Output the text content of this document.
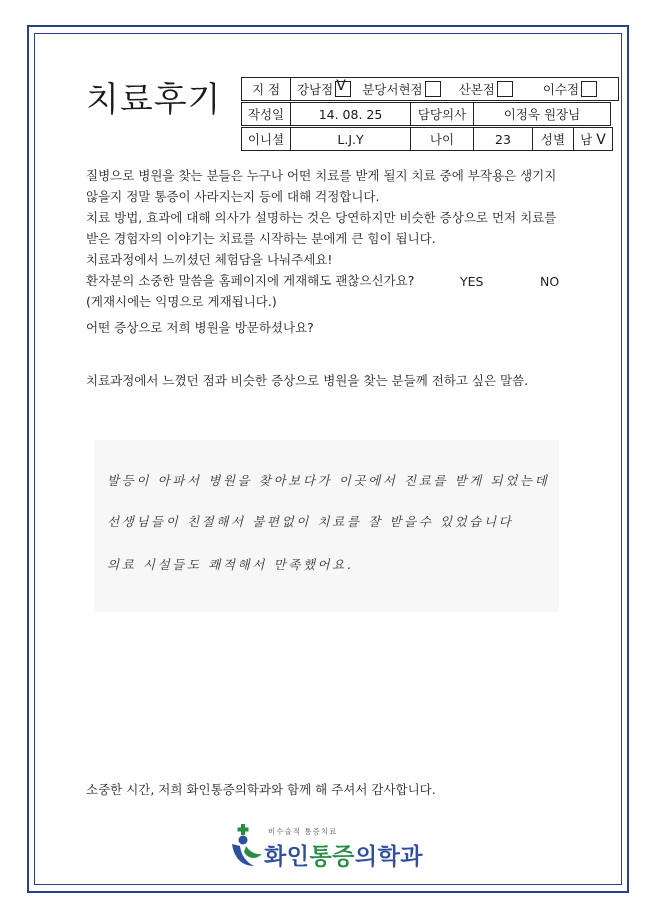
치료후기 지 점	강남점 V 분당서현점	산본점	이수점
작성일	14. 08. 25	담당의사	이정욱 원장님
이니셜	L.J.Y	나이	23	성별	남 V
질병으로 병원을 찾는 분들은 누구나 어떤 치료를 받게 될지 치료 중에 부작용은 생기지
않을지 정말 통증이 사라지는지 등에 대해 걱정합니다.
치료 방법, 효과에 대해 의사가 설명하는 것은 당연하지만 비슷한 증상으로 먼저 치료를
받은 경험자의 이야기는 치료를 시작하는 분에게 큰 힘이 됩니다.
치료과정에서 느끼셨던 체험담을 나눠주세요!
환자분의 소중한 말씀을 홈페이지에 게재해도 괜찮으신가요?
(게재시에는 익명으로 게재됩니다.)
YES	NO
어떤 증상으로 저희 병원을 방문하셨나요?
치료과정에서 느꼈던 점과 비슷한 증상으로 병원을 찾는 분들께 전하고 싶은 말씀.
발등이 아파서 병원을 찾아보다가 이곳에서 진료를 받게 되었는데
선생님들이 친절해서 불편없이 치료를 잘 받을수 있었습니다
의료 시설들도 쾌적해서 만족했어요.
소중한 시간, 저희 화인통증의학과와 함께 해 주셔서 감사합니다.
비수술적 통증치료
화인통증의학과
